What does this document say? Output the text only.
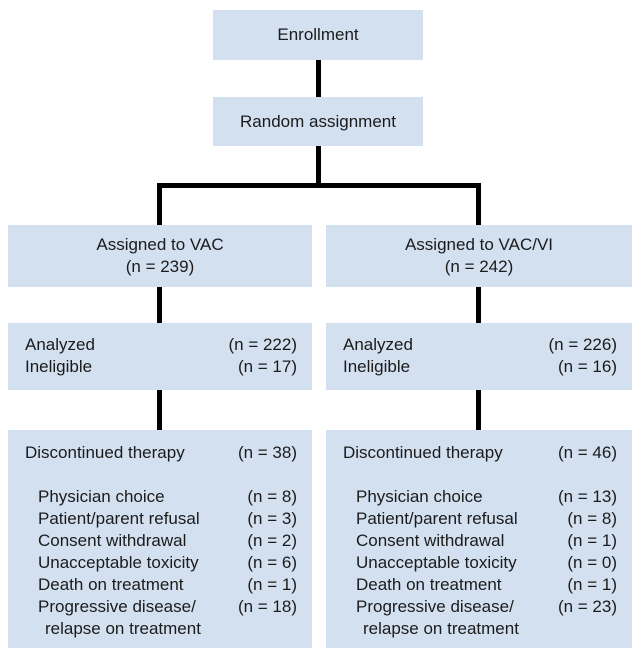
Enrollment
Random assignment
Assigned to VAC
(n = 239)
Assigned to VAC/VI
(n = 242)
Analyzed	(n = 222)
Ineligible	(n = 17)
Analyzed	(n = 226)
Ineligible	(n = 16)
Discontinued therapy	(n = 38)
Physician choice	(n = 8)
Patient/parent refusal	(n = 3)
Consent withdrawal	(n = 2)
Unacceptable toxicity	(n = 6)
Death on treatment	(n = 1)
Progressive disease/ (n = 18)
relapse on treatment
Discontinued therapy	(n = 46)
Physician choice	(n = 13)
Patient/parent refusal	(n = 8)
Consent withdrawal	(n = 1)
Unacceptable toxicity	(n = 0)
Death on treatment	(n = 1)
Progressive disease/	(n = 23)
relapse on treatment
